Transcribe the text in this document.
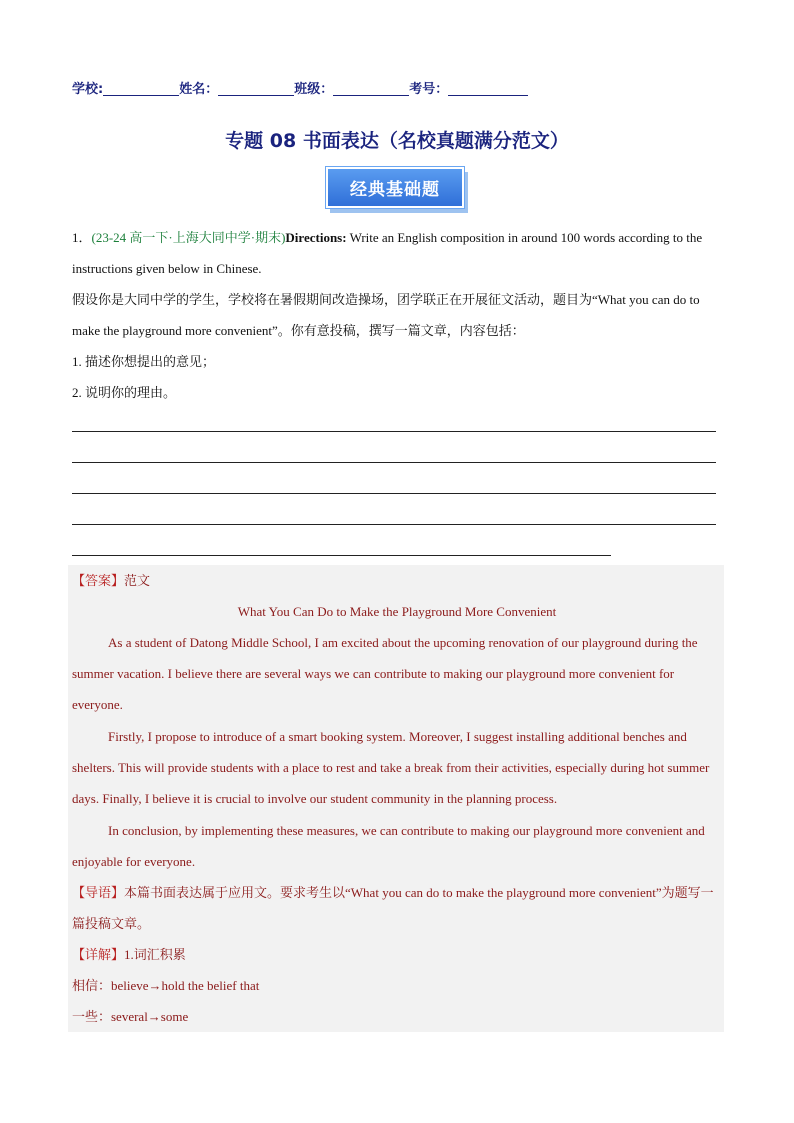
学校:	姓名：	班级：	考号：
专题 08 书面表达（名校真题满分范文）
经典基础题
1．(23-24 高一下·上海大同中学·期末)Directions: Write an English composition in around 100 words according to the instructions given below in Chinese.
假设你是大同中学的学生，学校将在暑假期间改造操场，团学联正在开展征文活动，题目为“What you can do to make the playground more convenient”。你有意投稿，撰写一篇文章，内容包括：
1. 描述你想提出的意见；
2. 说明你的理由。
【答案】范文
What You Can Do to Make the Playground More Convenient
As a student of Datong Middle School, I am excited about the upcoming renovation of our playground during the summer vacation. I believe there are several ways we can contribute to making our playground more convenient for everyone.
Firstly, I propose to introduce of a smart booking system. Moreover, I suggest installing additional benches and shelters. This will provide students with a place to rest and take a break from their activities, especially during hot summer days. Finally, I believe it is crucial to involve our student community in the planning process.
In conclusion, by implementing these measures, we can contribute to making our playground more convenient and enjoyable for everyone.
【导语】本篇书面表达属于应用文。要求考生以“What you can do to make the playground more convenient”为题写一篇投稿文章。
【详解】1.词汇积累
相信：believe→hold the belief that
一些：several→some
